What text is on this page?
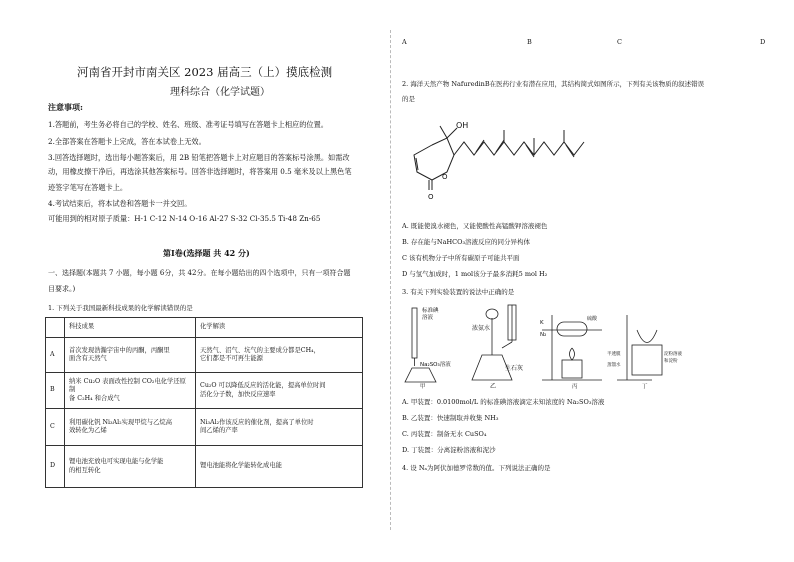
河南省开封市南关区 2023 届高三（上）摸底检测
理科综合（化学试题）
注意事项:
1.答题前，考生务必将自己的学校、姓名、班级、准考证号填写在答题卡上相应的位置。
2.全部答案在答题卡上完成，答在本试卷上无效。
3.回答选择题时，选出每小题答案后，用 2B 铅笔把答题卡上对应题目的答案标号涂黑。如需改
动，用橡皮擦干净后，再选涂其他答案标号。回答非选择题时，将答案用 0.5 毫米及以上黑色笔
迹签字笔写在答题卡上。
4.考试结束后，将本试卷和答题卡一并交回。
可能用到的相对原子质量：H-1 C-12 N-14 O-16 Al-27 S-32 Cl-35.5 Ti-48 Zn-65
第Ⅰ卷(选择题 共 42 分)
一、选择题(本题共 7 小题，每小题 6分，共 42分。在每小题给出的四个选项中，只有一项符合题
目要求。)
1. 下列关于我国最新科技成果的化学解读错误的是
	科技成果	化学解读
A	首次发现浩瀚宇宙中的丙酮，丙酮里
面含有天然气	天然气、沼气、坑气的主要成分都是CH₄，
它们都是不可再生能源
B	纳米 Cu₂O 表面改性控制 CO₂电化学还原制
备 C₂H₄ 和合成气	Cu₂O 可以降低反应的活化能，提高单位时间
活化分子数，加快反应速率
C	利用碳化钒 Ni₃Al₂实现甲烷与乙烷高
效转化为乙烯	Ni₃Al₂作该反应的催化剂，提高了单位时
间乙烯的产率
D	锂电池充放电可实现电能与化学能
的相互转化	锂电池能将化学能转化成电能
A	B	C	D
2. 海洋天然产物 NafuredinB在医药行业有潜在应用，其结构简式如图所示，下列有关该物质的叙述错误
的是
OH
O
O
A. 既能使溴水褪色，又能使酸性高锰酸钾溶液褪色
B. 存在能与NaHCO₃溶液反应的同分异构体
C 该有机物分子中所有碳原子可能共平面
D 与氢气加成时，1 mol该分子最多消耗5 mol H₂
3. 有关下列实验装置的说法中正确的是
标准碘
溶液
Na₂SO₃溶液
甲
浓氨水
生石灰
乙
K
N₂
硫酸
丙
半透膜
蒸馏水
淀粉溶液
和淀粉
丁
A. 甲装置：0.0100mol/L 的标准碘溶液滴定未知浓度的 Na₂SO₃溶液
B. 乙装置：快速制取并收集 NH₃
C. 丙装置：制备无水 CuSO₄
D. 丁装置：分离淀粉溶液和泥沙
4. 设 Nₐ为阿伏加德罗常数的值。下列说法正确的是
